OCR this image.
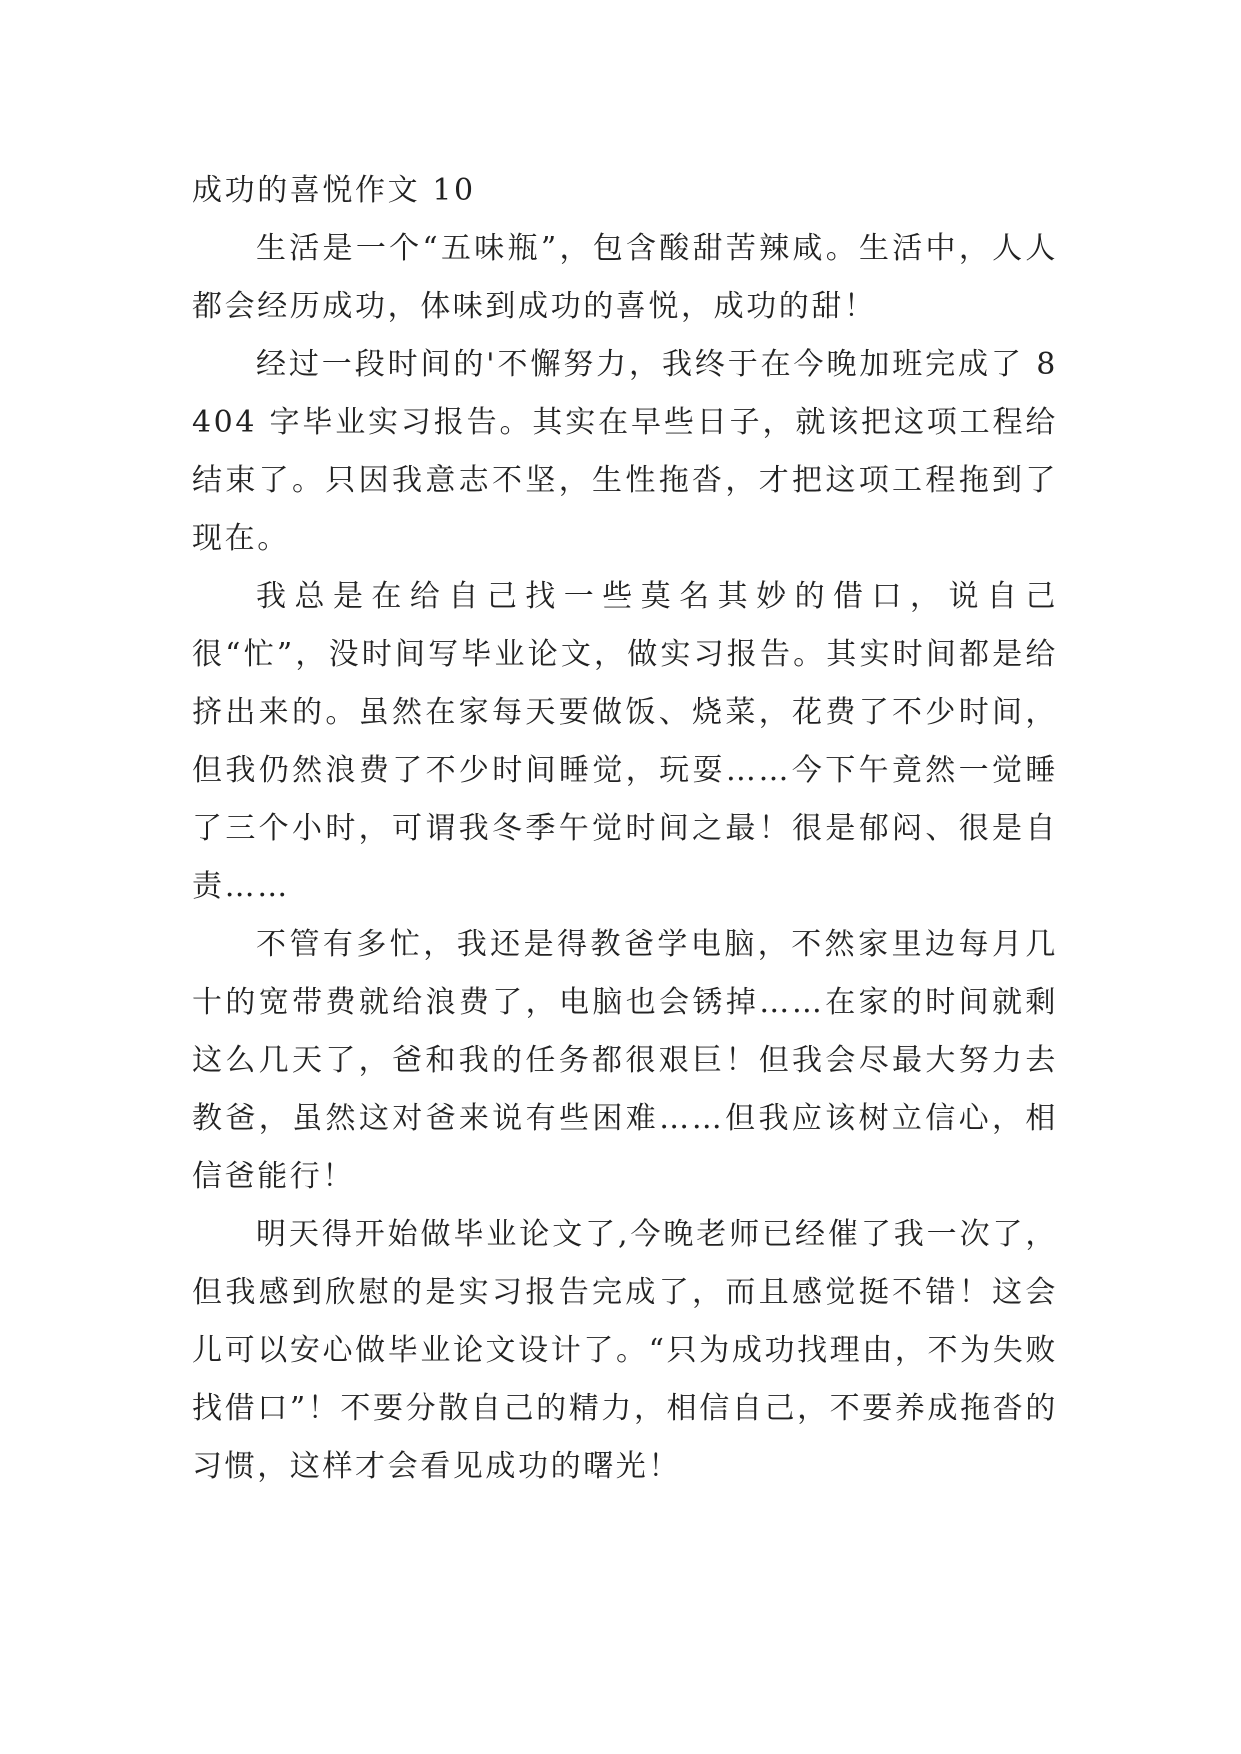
成功的喜悦作文 10

生活是一个“五味瓶”，包含酸甜苦辣咸。生活中，人人都会经历成功，体味到成功的喜悦，成功的甜！

经过一段时间的'不懈努力，我终于在今晚加班完成了 8404 字毕业实习报告。其实在早些日子，就该把这项工程给结束了。只因我意志不坚，生性拖沓，才把这项工程拖到了现在。

我总是在给自己找一些莫名其妙的借口，说自己很“忙”，没时间写毕业论文，做实习报告。其实时间都是给挤出来的。虽然在家每天要做饭、烧菜，花费了不少时间，但我仍然浪费了不少时间睡觉，玩耍……今下午竟然一觉睡了三个小时，可谓我冬季午觉时间之最！很是郁闷、很是自责……

不管有多忙，我还是得教爸学电脑，不然家里边每月几十的宽带费就给浪费了，电脑也会锈掉……在家的时间就剩这么几天了，爸和我的任务都很艰巨！但我会尽最大努力去教爸，虽然这对爸来说有些困难……但我应该树立信心，相信爸能行！

明天得开始做毕业论文了,今晚老师已经催了我一次了，但我感到欣慰的是实习报告完成了，而且感觉挺不错！这会儿可以安心做毕业论文设计了。“只为成功找理由，不为失败找借口”！不要分散自己的精力，相信自己，不要养成拖沓的习惯，这样才会看见成功的曙光！
